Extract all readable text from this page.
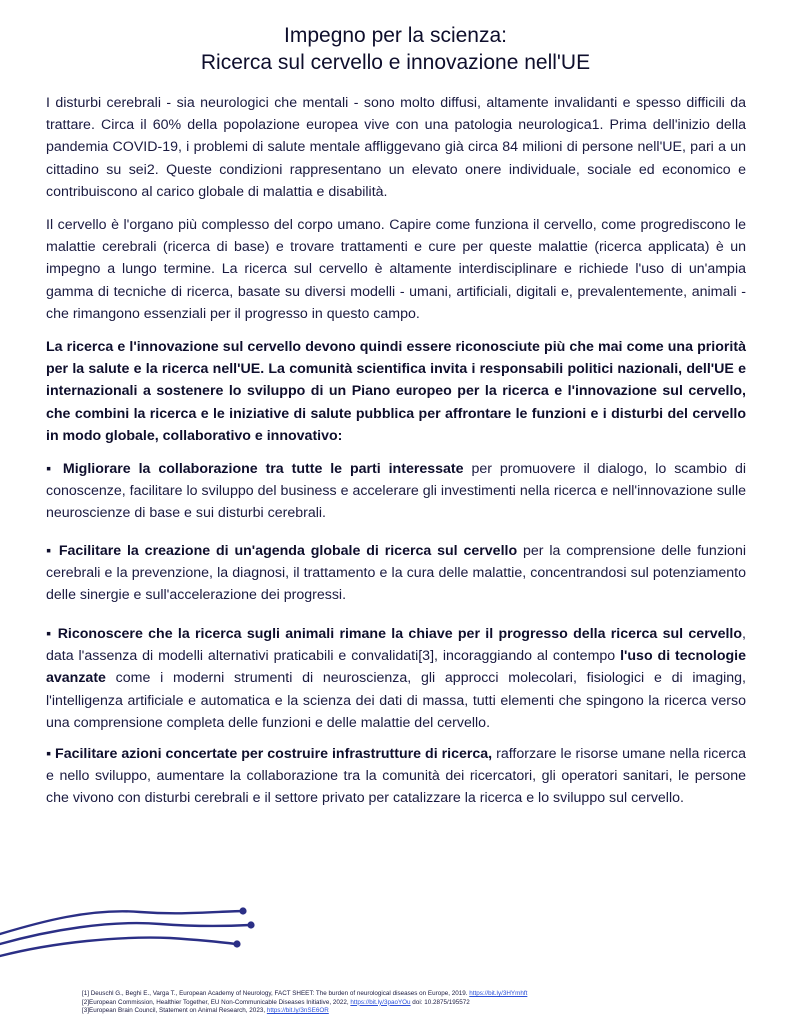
Impegno per la scienza:
Ricerca sul cervello e innovazione nell'UE
I disturbi cerebrali - sia neurologici che mentali - sono molto diffusi, altamente invalidanti e spesso difficili da trattare. Circa il 60% della popolazione europea vive con una patologia neurologica1. Prima dell'inizio della pandemia COVID-19, i problemi di salute mentale affliggevano già circa 84 milioni di persone nell'UE, pari a un cittadino su sei2. Queste condizioni rappresentano un elevato onere individuale, sociale ed economico e contribuiscono al carico globale di malattia e disabilità.
Il cervello è l'organo più complesso del corpo umano. Capire come funziona il cervello, come progrediscono le malattie cerebrali (ricerca di base) e trovare trattamenti e cure per queste malattie (ricerca applicata) è un impegno a lungo termine. La ricerca sul cervello è altamente interdisciplinare e richiede l'uso di un'ampia gamma di tecniche di ricerca, basate su diversi modelli - umani, artificiali, digitali e, prevalentemente, animali - che rimangono essenziali per il progresso in questo campo.
La ricerca e l'innovazione sul cervello devono quindi essere riconosciute più che mai come una priorità per la salute e la ricerca nell'UE. La comunità scientifica invita i responsabili politici nazionali, dell'UE e internazionali a sostenere lo sviluppo di un Piano europeo per la ricerca e l'innovazione sul cervello, che combini la ricerca e le iniziative di salute pubblica per affrontare le funzioni e i disturbi del cervello in modo globale, collaborativo e innovativo:
▪ Migliorare la collaborazione tra tutte le parti interessate per promuovere il dialogo, lo scambio di conoscenze, facilitare lo sviluppo del business e accelerare gli investimenti nella ricerca e nell'innovazione sulle neuroscienze di base e sui disturbi cerebrali.
▪ Facilitare la creazione di un'agenda globale di ricerca sul cervello per la comprensione delle funzioni cerebrali e la prevenzione, la diagnosi, il trattamento e la cura delle malattie, concentrandosi sul potenziamento delle sinergie e sull'accelerazione dei progressi.
▪ Riconoscere che la ricerca sugli animali rimane la chiave per il progresso della ricerca sul cervello, data l'assenza di modelli alternativi praticabili e convalidati[3], incoraggiando al contempo l'uso di tecnologie avanzate come i moderni strumenti di neuroscienza, gli approcci molecolari, fisiologici e di imaging, l'intelligenza artificiale e automatica e la scienza dei dati di massa, tutti elementi che spingono la ricerca verso una comprensione completa delle funzioni e delle malattie del cervello.
▪ Facilitare azioni concertate per costruire infrastrutture di ricerca, rafforzare le risorse umane nella ricerca e nello sviluppo, aumentare la collaborazione tra la comunità dei ricercatori, gli operatori sanitari, le persone che vivono con disturbi cerebrali e il settore privato per catalizzare la ricerca e lo sviluppo sul cervello.
[1] Deuschl G., Beghi E., Varga T., European Academy of Neurology, FACT SHEET: The burden of neurological diseases on Europe, 2019. https://bit.ly/3HYmhft
[2]European Commission, Healthier Together, EU Non-Communicable Diseases Initiative, 2022, https://bit.ly/3paoYOu doi: 10.2875/195572
[3]European Brain Council, Statement on Animal Research, 2023, https://bit.ly/3nSE6OR
